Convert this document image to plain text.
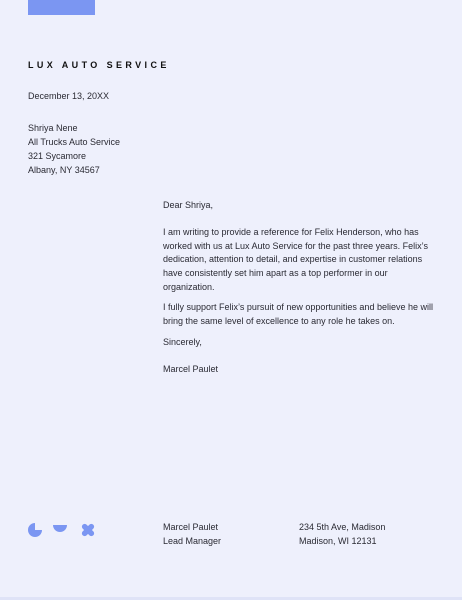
LUX AUTO SERVICE
December 13, 20XX
Shriya Nene
All Trucks Auto Service
321 Sycamore
Albany, NY 34567

Dear Shriya,

I am writing to provide a reference for Felix Henderson, who has worked with us at Lux Auto Service for the past three years. Felix’s dedication, attention to detail, and expertise in customer relations have consistently set him apart as a top performer in our organization.

I fully support Felix’s pursuit of new opportunities and believe he will bring the same level of excellence to any role he takes on.

Sincerely,

Marcel Paulet

Marcel Paulet
Lead Manager
234 5th Ave, Madison
Madison, WI 12131
